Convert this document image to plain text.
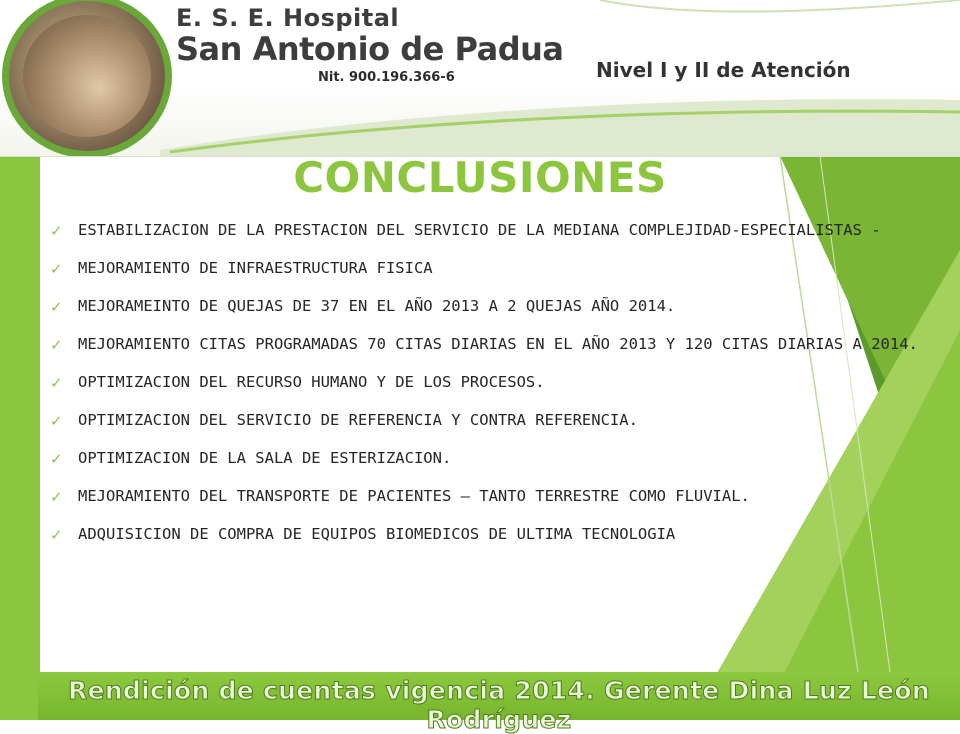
E. S. E. Hospital
San Antonio de Padua
Nit. 900.196.366-6	Nivel I y II de Atención
CONCLUSIONES
✓ ESTABILIZACION DE LA PRESTACION DEL SERVICIO DE LA MEDIANA COMPLEJIDAD-ESPECIALISTAS -
✓ MEJORAMIENTO DE INFRAESTRUCTURA FISICA
✓ MEJORAMEINTO DE QUEJAS DE 37 EN EL AÑO 2013 A 2 QUEJAS AÑO 2014.
✓ MEJORAMIENTO CITAS PROGRAMADAS 70 CITAS DIARIAS EN EL AÑO 2013 Y 120 CITAS DIARIAS A 2014.
✓ OPTIMIZACION DEL RECURSO HUMANO Y DE LOS PROCESOS.
✓ OPTIMIZACION DEL SERVICIO DE REFERENCIA Y CONTRA REFERENCIA.
✓ OPTIMIZACION DE LA SALA DE ESTERIZACION.
✓ MEJORAMIENTO DEL TRANSPORTE DE PACIENTES – TANTO TERRESTRE COMO FLUVIAL.
✓ ADQUISICION DE COMPRA DE EQUIPOS BIOMEDICOS DE ULTIMA TECNOLOGIA
Rendición de cuentas vigencia 2014. Gerente Dina Luz León Rodríguez
